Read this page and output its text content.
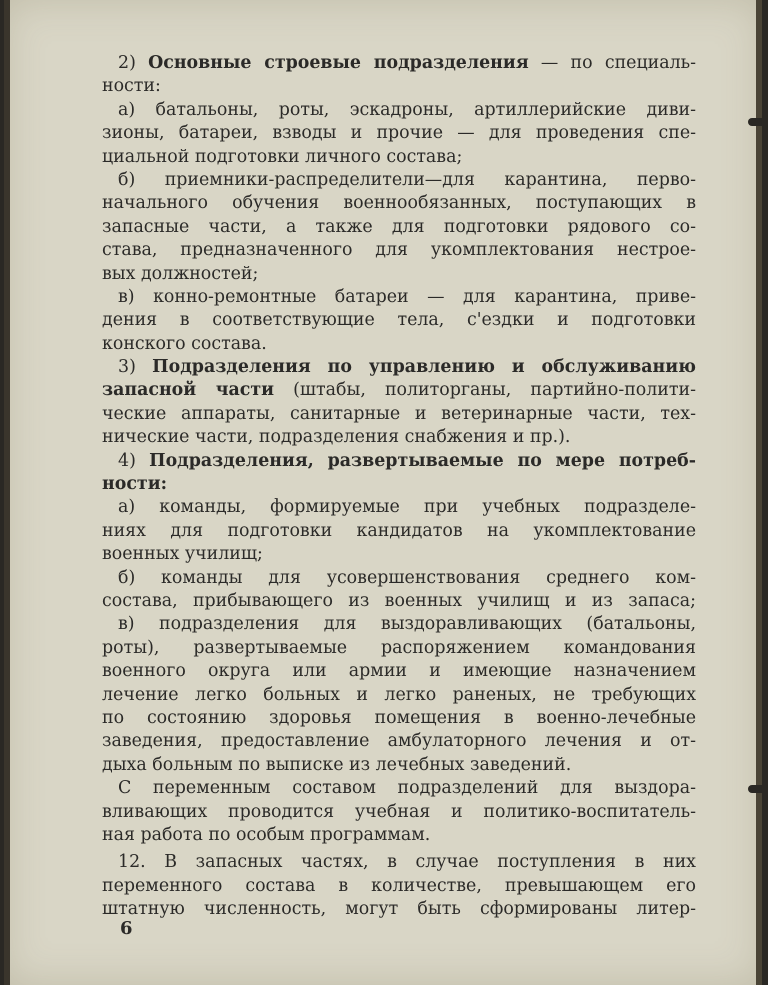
2) Основные строевые подразделения — по специаль-
ности:
а) батальоны, роты, эскадроны, артиллерийские диви-
зионы, батареи, взводы и прочие — для проведения спе-
циальной подготовки личного состава;
б) приемники-распределители—для карантина, перво-
начального обучения военнообязанных, поступающих в
запасные части, а также для подготовки рядового со-
става, предназначенного для укомплектования нестрое-
вых должностей;
в) конно-ремонтные батареи — для карантина, приве-
дения в соответствующие тела, с'ездки и подготовки
конского состава.
3) Подразделения по управлению и обслуживанию
запасной части (штабы, политорганы, партийно-полити-
ческие аппараты, санитарные и ветеринарные части, тех-
нические части, подразделения снабжения и пр.).
4) Подразделения, развертываемые по мере потреб-
ности:
а) команды, формируемые при учебных подразделе-
ниях для подготовки кандидатов на укомплектование
военных училищ;
б) команды для усовершенствования среднего ком-
состава, прибывающего из военных училищ и из запаса;
в) подразделения для выздоравливающих (батальоны,
роты), развертываемые распоряжением командования
военного округа или армии и имеющие назначением
лечение легко больных и легко раненых, не требующих
по состоянию здоровья помещения в военно-лечебные
заведения, предоставление амбулаторного лечения и от-
дыха больным по выписке из лечебных заведений.
С переменным составом подразделений для выздора-
вливающих проводится учебная и политико-воспитатель-
ная работа по особым программам.
12. В запасных частях, в случае поступления в них
переменного состава в количестве, превышающем его
штатную численность, могут быть сформированы литер-
6
